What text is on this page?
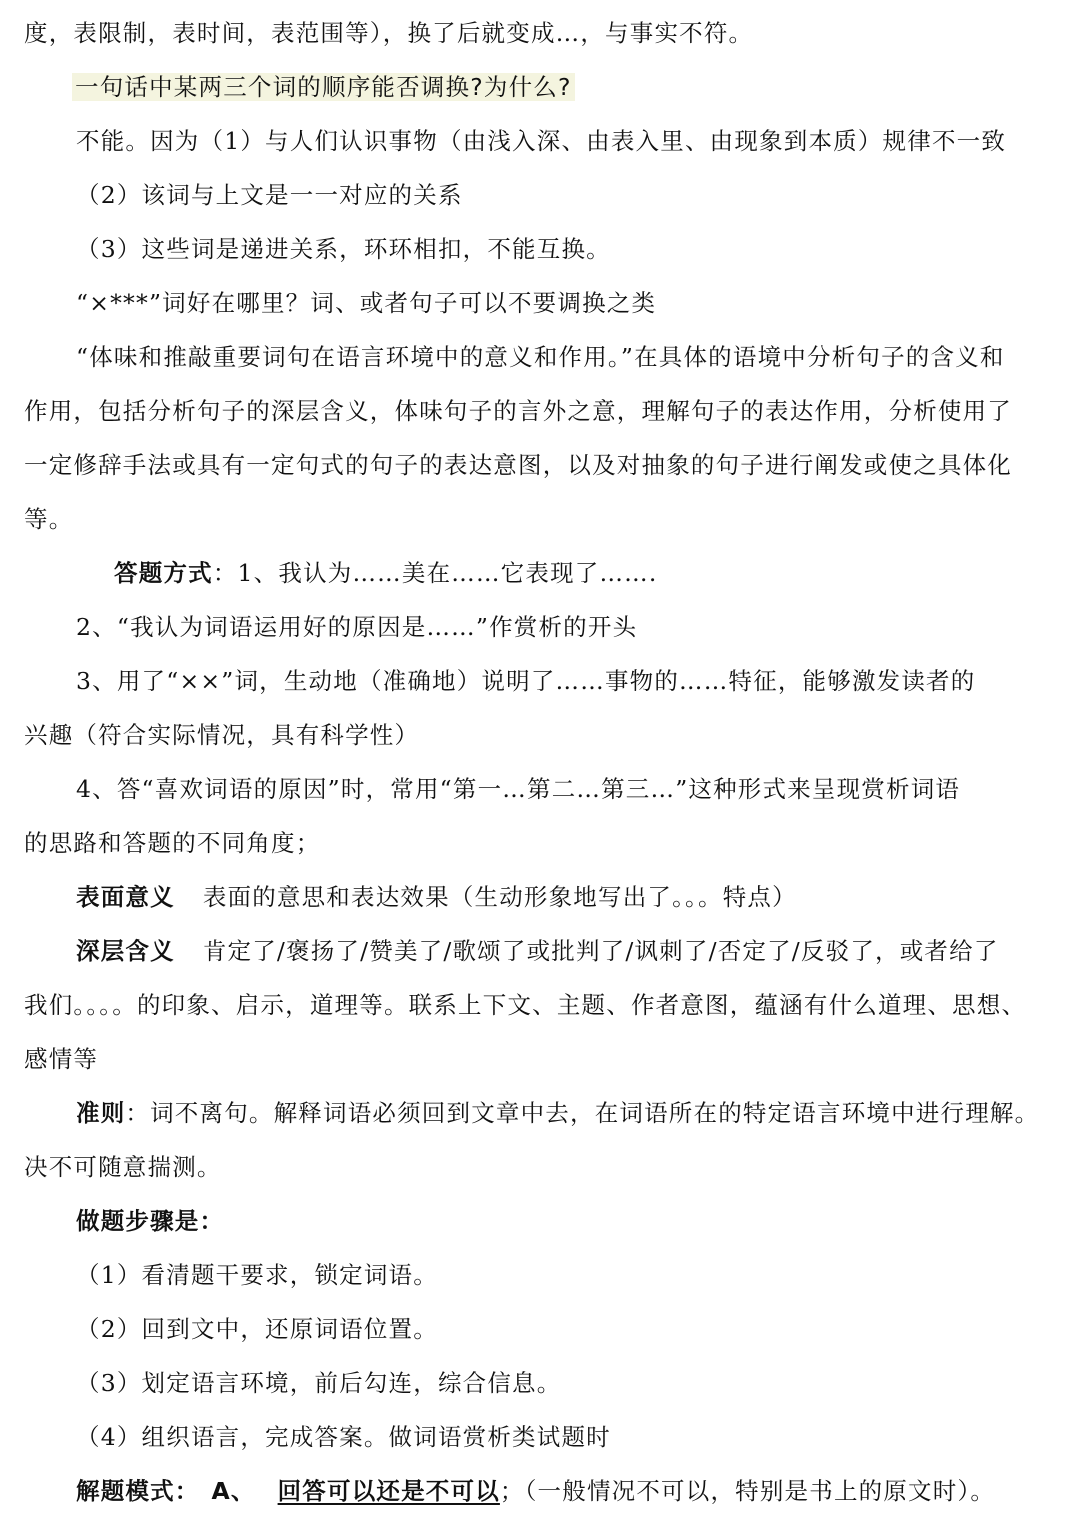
度，表限制，表时间，表范围等），换了后就变成…，与事实不符。
一句话中某两三个词的顺序能否调换?为什么?
不能。因为（1）与人们认识事物（由浅入深、由表入里、由现象到本质）规律不一致
（2）该词与上文是一一对应的关系
（3）这些词是递进关系，环环相扣，不能互换。
“×***”词好在哪里？词、或者句子可以不要调换之类
“体味和推敲重要词句在语言环境中的意义和作用。”在具体的语境中分析句子的含义和
作用，包括分析句子的深层含义，体味句子的言外之意，理解句子的表达作用，分析使用了
一定修辞手法或具有一定句式的句子的表达意图，以及对抽象的句子进行阐发或使之具体化
等。
答题方式：1、我认为……美在……它表现了…….
2、“我认为词语运用好的原因是……”作赏析的开头
3、用了“××”词，生动地（准确地）说明了……事物的……特征，能够激发读者的
兴趣（符合实际情况，具有科学性）
4、答“喜欢词语的原因”时，常用“第一…第二…第三…”这种形式来呈现赏析词语
的思路和答题的不同角度；
表面意义 表面的意思和表达效果（生动形象地写出了。。。特点）
深层含义 肯定了/褒扬了/赞美了/歌颂了或批判了/讽刺了/否定了/反驳了，或者给了
我们。。。。的印象、启示，道理等。联系上下文、主题、作者意图，蕴涵有什么道理、思想、
感情等
准则：词不离句。解释词语必须回到文章中去，在词语所在的特定语言环境中进行理解。
决不可随意揣测。
做题步骤是：
（1）看清题干要求，锁定词语。
（2）回到文中，还原词语位置。
（3）划定语言环境，前后勾连，综合信息。
（4）组织语言，完成答案。做词语赏析类试题时
解题模式： A、 回答可以还是不可以；（一般情况不可以，特别是书上的原文时）。
